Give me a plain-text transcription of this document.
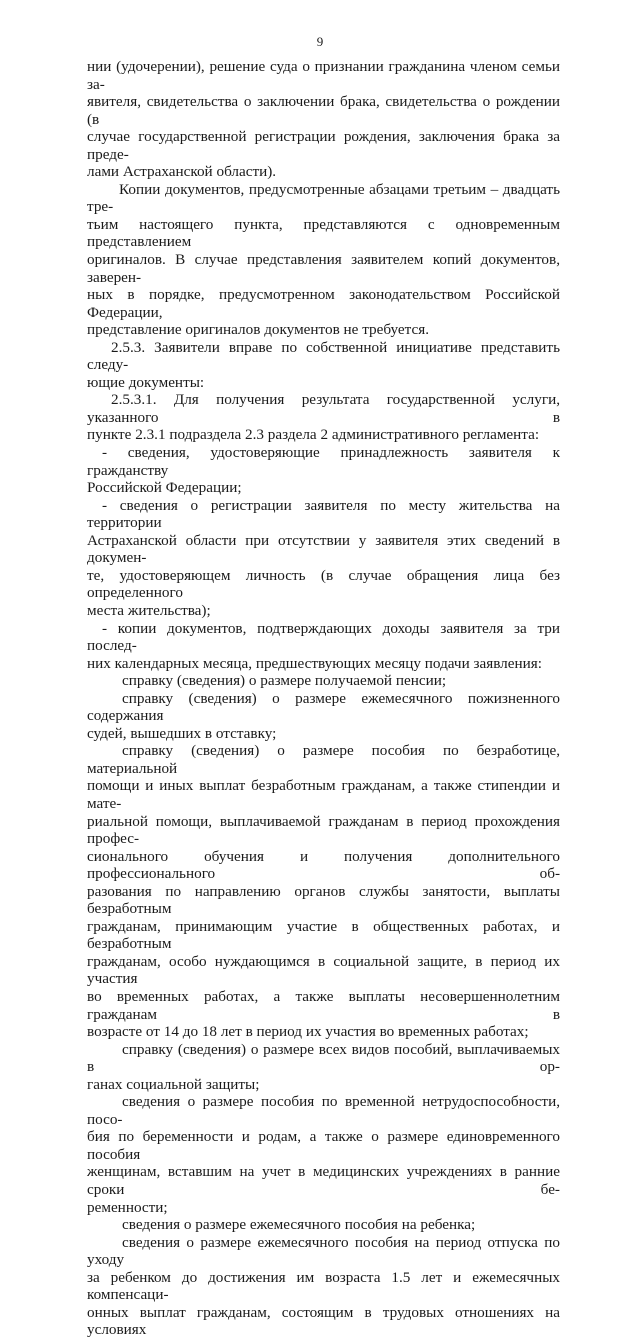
9

нии (удочерении), решение суда о признании гражданина членом семьи за-

явителя, свидетельства о заключении брака, свидетельства о рождении (в

случае государственной регистрации рождения, заключения брака за преде-

лами Астраханской области).

Копии документов, предусмотренные абзацами третьим – двадцать тре-

тьим настоящего пункта, представляются с одновременным представлением

оригиналов. В случае представления заявителем копий документов, заверен-

ных в порядке, предусмотренном законодательством Российской Федерации,

представление оригиналов документов не требуется.

2.5.3. Заявители вправе по собственной инициативе представить следу-

ющие документы:

2.5.3.1. Для получения результата государственной услуги, указанного в

пункте 2.3.1 подраздела 2.3 раздела 2 административного регламента:

- сведения, удостоверяющие принадлежность заявителя к гражданству

Российской Федерации;

- сведения о регистрации заявителя по месту жительства на территории

Астраханской области при отсутствии у заявителя этих сведений в докумен-

те, удостоверяющем личность (в случае обращения лица без определенного

места жительства);

- копии документов, подтверждающих доходы заявителя за три послед-

них календарных месяца, предшествующих месяцу подачи заявления:

справку (сведения) о размере получаемой пенсии;

справку (сведения) о размере ежемесячного пожизненного содержания

судей, вышедших в отставку;

справку (сведения) о размере пособия по безработице, материальной

помощи и иных выплат безработным гражданам, а также стипендии и мате-

риальной помощи, выплачиваемой гражданам в период прохождения профес-

сионального обучения и получения дополнительного профессионального об-

разования по направлению органов службы занятости, выплаты безработным

гражданам, принимающим участие в общественных работах, и безработным

гражданам, особо нуждающимся в социальной защите, в период их участия

во временных работах, а также выплаты несовершеннолетним гражданам в

возрасте от 14 до 18 лет в период их участия во временных работах;

справку (сведения) о размере всех видов пособий, выплачиваемых в ор-

ганах социальной защиты;

сведения о размере пособия по временной нетрудоспособности, посо-

бия по беременности и родам, а также о размере единовременного пособия

женщинам, вставшим на учет в медицинских учреждениях в ранние сроки бе-

ременности;

сведения о размере ежемесячного пособия на ребенка;

сведения о размере ежемесячного пособия на период отпуска по уходу

за ребенком до достижения им возраста 1.5 лет и ежемесячных компенсаци-

онных выплат гражданам, состоящим в трудовых отношениях на условиях
